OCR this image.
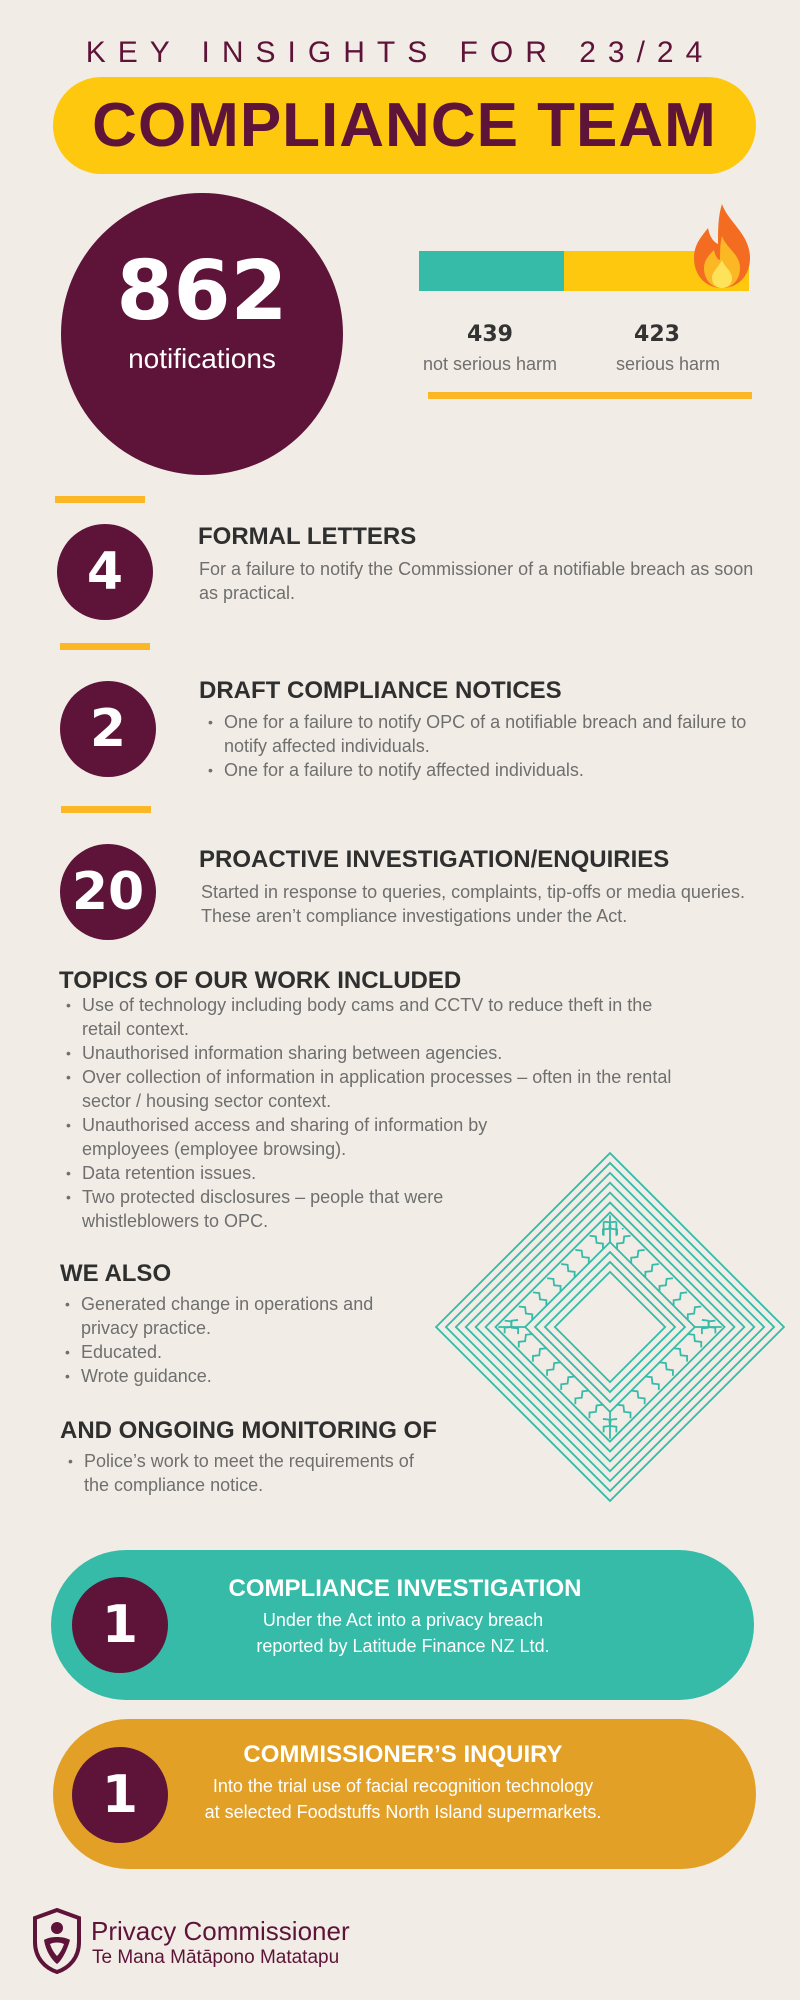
KEY INSIGHTS FOR 23/24
COMPLIANCE TEAM
862
notifications
439
not serious harm
423
serious harm
4
FORMAL LETTERS
For a failure to notify the Commissioner of a notifiable breach as soon as practical.
2
DRAFT COMPLIANCE NOTICES
• One for a failure to notify OPC of a notifiable breach and failure to notify affected individuals.
• One for a failure to notify affected individuals.
20
PROACTIVE INVESTIGATION/ENQUIRIES
Started in response to queries, complaints, tip-offs or media queries. These aren’t compliance investigations under the Act.
TOPICS OF OUR WORK INCLUDED
• Use of technology including body cams and CCTV to reduce theft in the retail context.
• Unauthorised information sharing between agencies.
• Over collection of information in application processes – often in the rental sector / housing sector context.
• Unauthorised access and sharing of information by employees (employee browsing).
• Data retention issues.
• Two protected disclosures – people that were whistleblowers to OPC.
WE ALSO
• Generated change in operations and privacy practice.
• Educated.
• Wrote guidance.
AND ONGOING MONITORING OF
• Police’s work to meet the requirements of the compliance notice.
1
COMPLIANCE INVESTIGATION
Under the Act into a privacy breach reported by Latitude Finance NZ Ltd.
1
COMMISSIONER’S INQUIRY
Into the trial use of facial recognition technology at selected Foodstuffs North Island supermarkets.
Privacy Commissioner
Te Mana Mātāpono Matatapu
